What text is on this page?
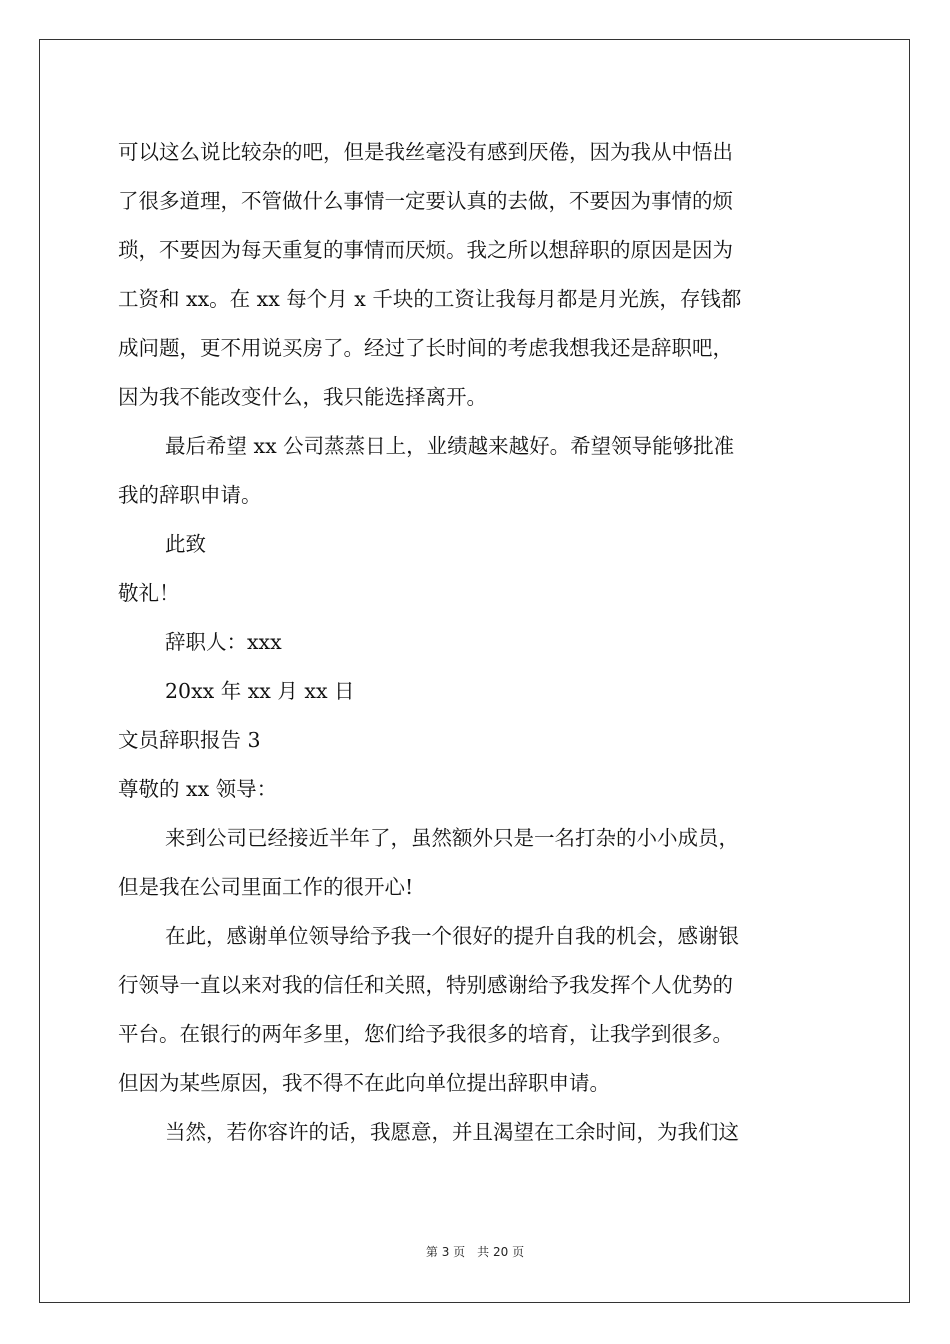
可以这么说比较杂的吧，但是我丝毫没有感到厌倦，因为我从中悟出
了很多道理，不管做什么事情一定要认真的去做，不要因为事情的烦
琐，不要因为每天重复的事情而厌烦。我之所以想辞职的原因是因为
工资和 xx。在 xx 每个月 x 千块的工资让我每月都是月光族，存钱都
成问题，更不用说买房了。经过了长时间的考虑我想我还是辞职吧，
因为我不能改变什么，我只能选择离开。
最后希望 xx 公司蒸蒸日上，业绩越来越好。希望领导能够批准
我的辞职申请。
此致
敬礼！
辞职人：xxx
20xx 年 xx 月 xx 日
文员辞职报告 3
尊敬的 xx 领导：
来到公司已经接近半年了，虽然额外只是一名打杂的小小成员，
但是我在公司里面工作的很开心!
在此，感谢单位领导给予我一个很好的提升自我的机会，感谢银
行领导一直以来对我的信任和关照，特别感谢给予我发挥个人优势的
平台。在银行的两年多里，您们给予我很多的培育，让我学到很多。
但因为某些原因，我不得不在此向单位提出辞职申请。
当然，若你容许的话，我愿意，并且渴望在工余时间，为我们这
第 3 页　共 20 页
